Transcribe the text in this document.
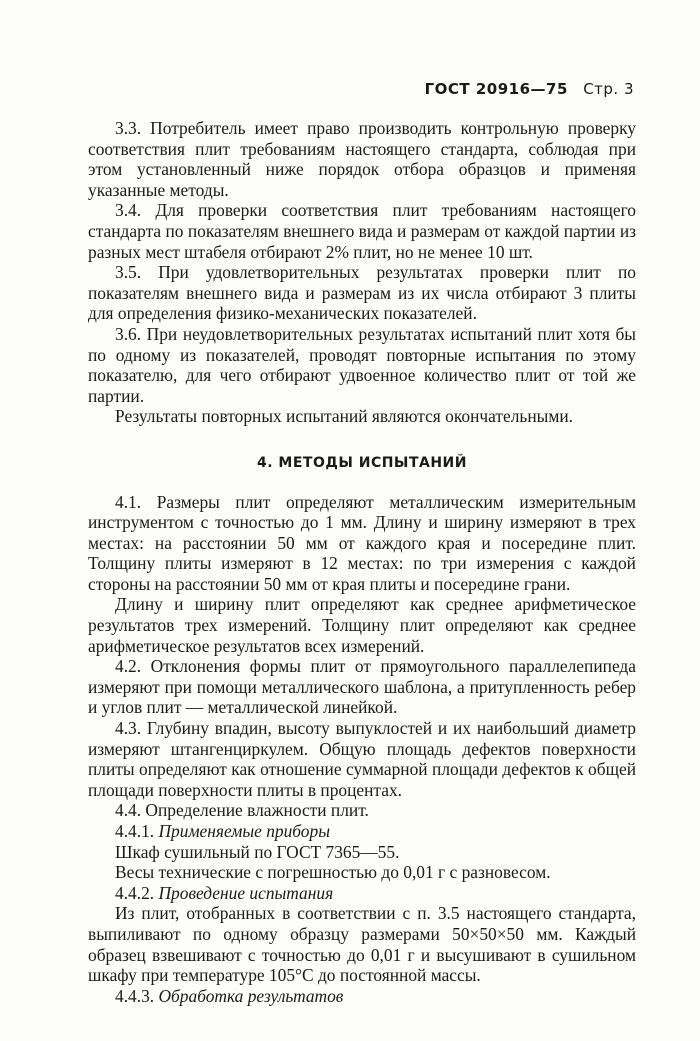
ГОСТ 20916—75 Стр. 3

3.3. Потребитель имеет право производить контрольную проверку соответствия плит требованиям настоящего стандарта, соблюдая при этом установленный ниже порядок отбора образцов и применяя указанные методы.

3.4. Для проверки соответствия плит требованиям настоящего стандарта по показателям внешнего вида и размерам от каждой партии из разных мест штабеля отбирают 2% плит, но не менее 10 шт.

3.5. При удовлетворительных результатах проверки плит по показателям внешнего вида и размерам из их числа отбирают 3 плиты для определения физико-механических показателей.

3.6. При неудовлетворительных результатах испытаний плит хотя бы по одному из показателей, проводят повторные испытания по этому показателю, для чего отбирают удвоенное количество плит от той же партии.

Результаты повторных испытаний являются окончательными.

4. МЕТОДЫ ИСПЫТАНИЙ

4.1. Размеры плит определяют металлическим измерительным инструментом с точностью до 1 мм. Длину и ширину измеряют в трех местах: на расстоянии 50 мм от каждого края и посередине плит. Толщину плиты измеряют в 12 местах: по три измерения с каждой стороны на расстоянии 50 мм от края плиты и посередине грани.

Длину и ширину плит определяют как среднее арифметическое результатов трех измерений. Толщину плит определяют как среднее арифметическое результатов всех измерений.

4.2. Отклонения формы плит от прямоугольного параллелепипеда измеряют при помощи металлического шаблона, а притупленность ребер и углов плит — металлической линейкой.

4.3. Глубину впадин, высоту выпуклостей и их наибольший диаметр измеряют штангенциркулем. Общую площадь дефектов поверхности плиты определяют как отношение суммарной площади дефектов к общей площади поверхности плиты в процентах.

4.4. Определение влажности плит.

4.4.1. Применяемые приборы

Шкаф сушильный по ГОСТ 7365—55.

Весы технические с погрешностью до 0,01 г с разновесом.

4.4.2. Проведение испытания

Из плит, отобранных в соответствии с п. 3.5 настоящего стандарта, выпиливают по одному образцу размерами 50×50×50 мм. Каждый образец взвешивают с точностью до 0,01 г и высушивают в сушильном шкафу при температуре 105°С до постоянной массы.

4.4.3. Обработка результатов
